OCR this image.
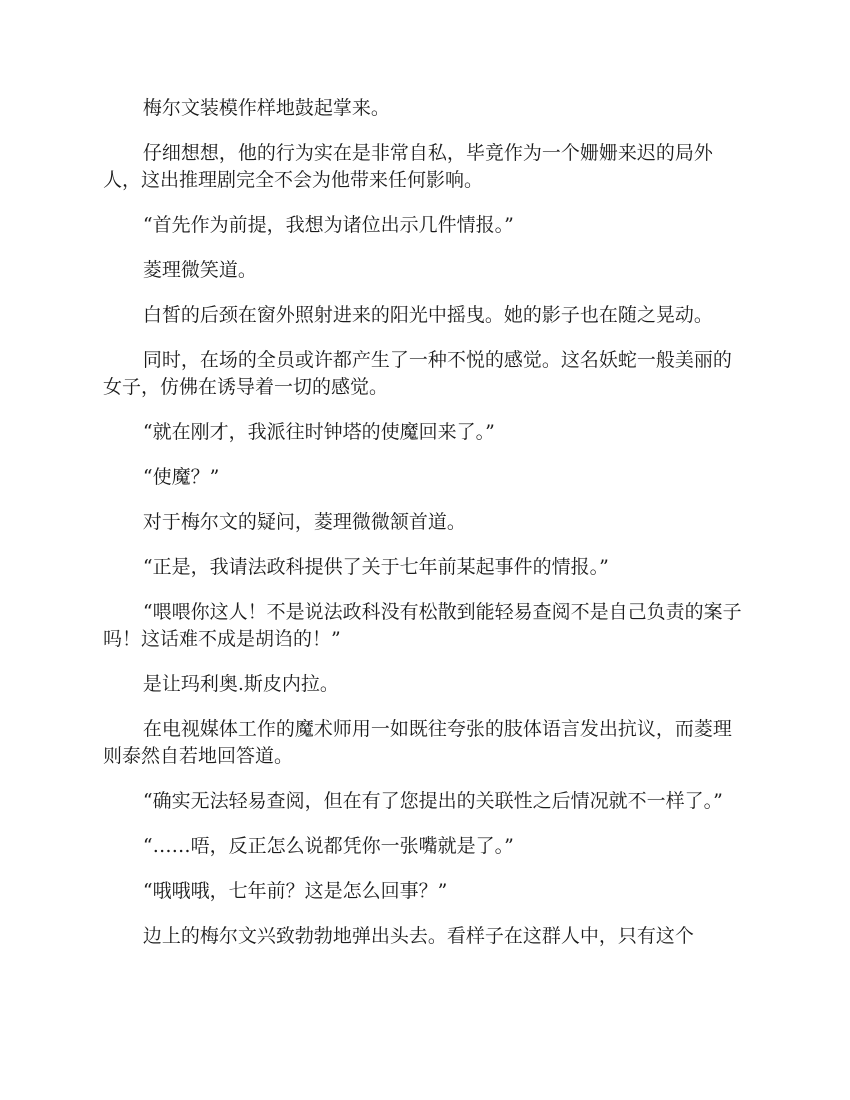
梅尔文装模作样地鼓起掌来。

仔细想想，他的行为实在是非常自私，毕竟作为一个姗姗来迟的局外人，这出推理剧完全不会为他带来任何影响。

“首先作为前提，我想为诸位出示几件情报。”

菱理微笑道。

白皙的后颈在窗外照射进来的阳光中摇曳。她的影子也在随之晃动。

同时，在场的全员或许都产生了一种不悦的感觉。这名妖蛇一般美丽的女子，仿佛在诱导着一切的感觉。

“就在刚才，我派往时钟塔的使魔回来了。”

“使魔？”

对于梅尔文的疑问，菱理微微颔首道。

“正是，我请法政科提供了关于七年前某起事件的情报。”

“喂喂你这人！不是说法政科没有松散到能轻易查阅不是自己负责的案子吗！这话难不成是胡诌的！”

是让玛利奥.斯皮内拉。

在电视媒体工作的魔术师用一如既往夸张的肢体语言发出抗议，而菱理则泰然自若地回答道。

“确实无法轻易查阅，但在有了您提出的关联性之后情况就不一样了。”

“……唔，反正怎么说都凭你一张嘴就是了。”

“哦哦哦，七年前？这是怎么回事？”

边上的梅尔文兴致勃勃地弹出头去。看样子在这群人中，只有这个
